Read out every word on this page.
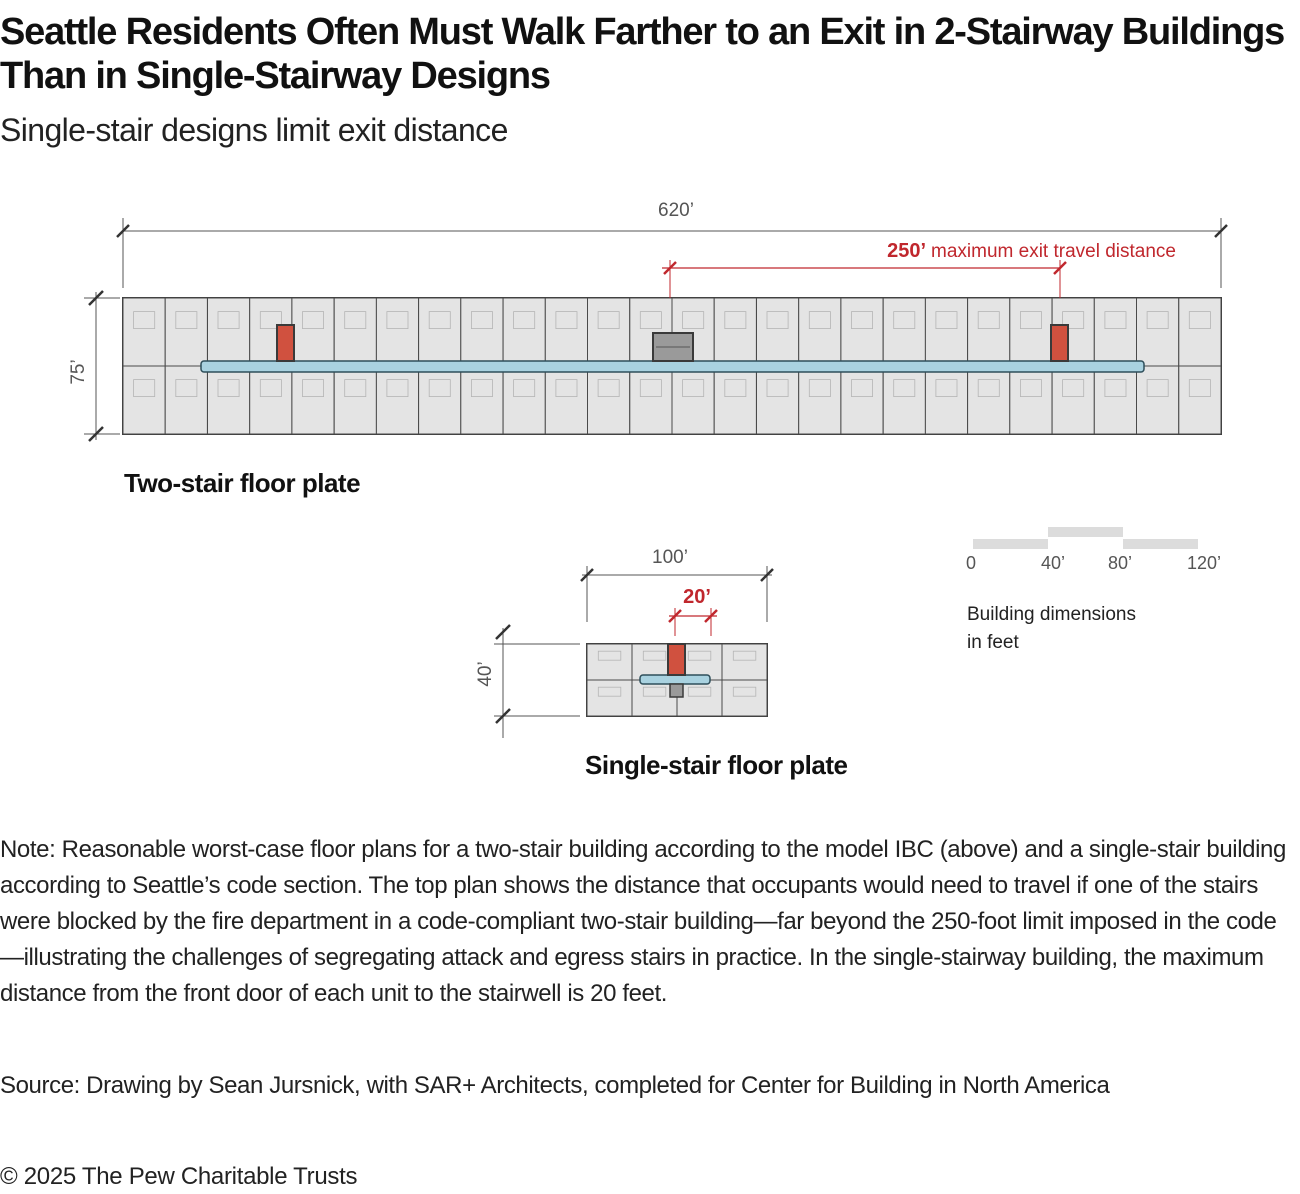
Seattle Residents Often Must Walk Farther to an Exit in 2-Stairway Buildings Than in Single-Stairway Designs
Single-stair designs limit exit distance
620’
250’ maximum exit travel distance
75’
Two-stair floor plate
100’
20’
40’
Single-stair floor plate
0	40’ 80’	120’
Building dimensions
in feet
Note: Reasonable worst-case floor plans for a two-stair building according to the model IBC (above) and a single-stair building according to Seattle’s code section. The top plan shows the distance that occupants would need to travel if one of the stairs were blocked by the fire department in a code-compliant two-stair building—far beyond the 250-foot limit imposed in the code—illustrating the challenges of segregating attack and egress stairs in practice. In the single-stairway building, the maximum distance from the front door of each unit to the stairwell is 20 feet.
Source: Drawing by Sean Jursnick, with SAR+ Architects, completed for Center for Building in North America
© 2025 The Pew Charitable Trusts
